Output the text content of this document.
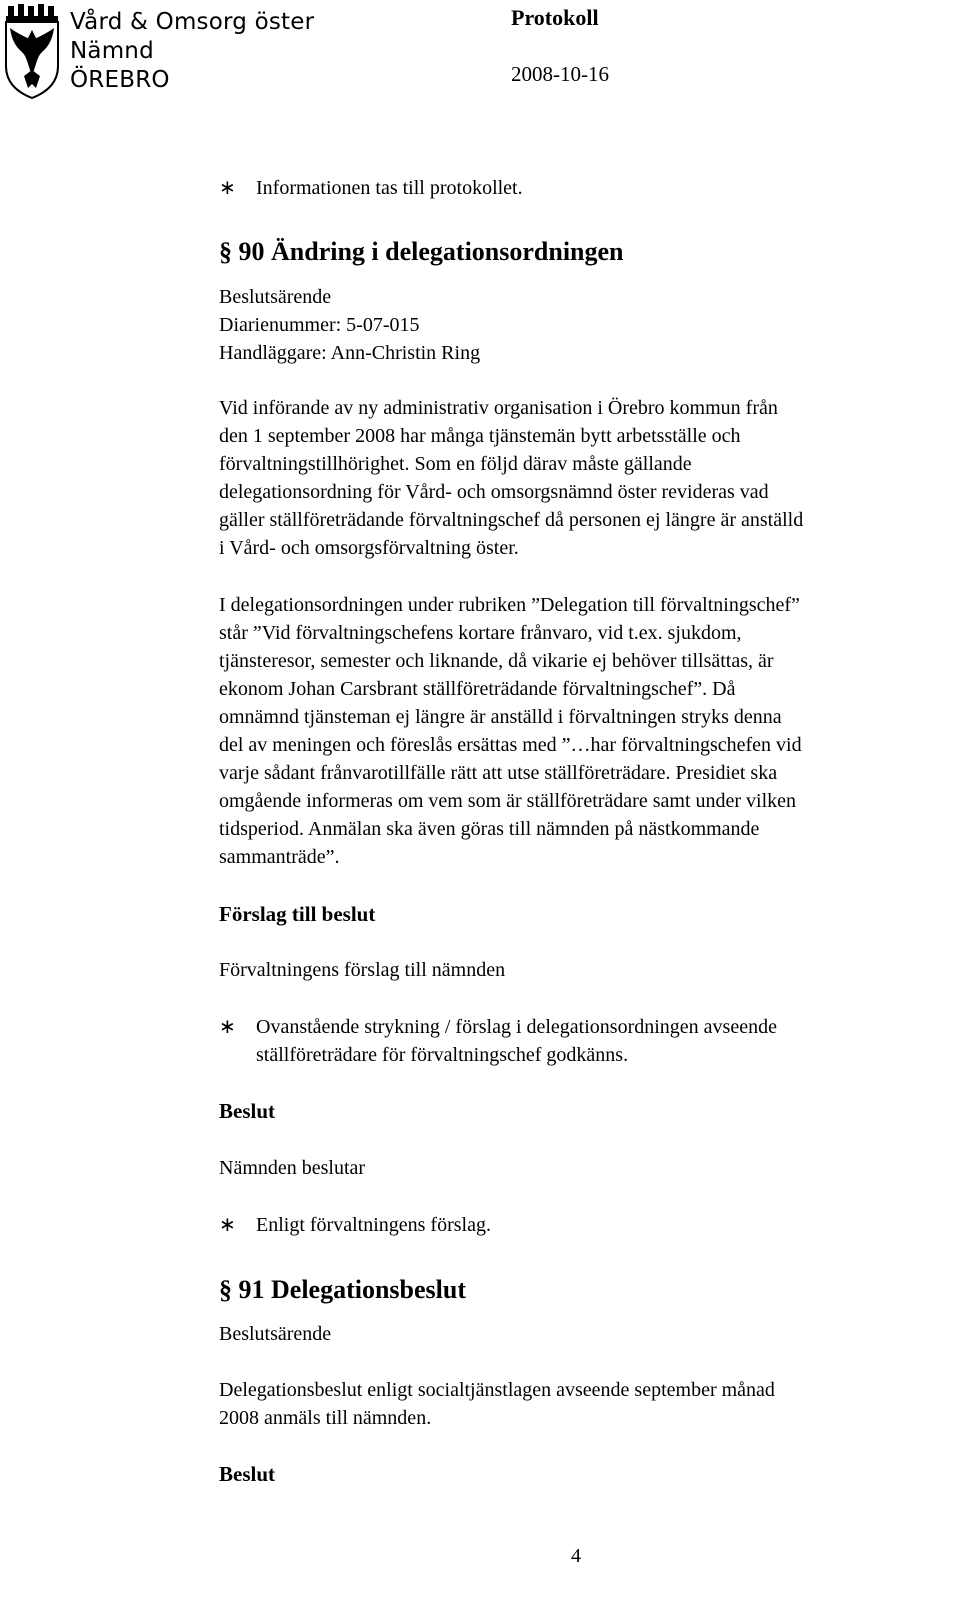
Vård & Omsorg öster
Nämnd
ÖREBRO
Protokoll
2008-10-16
∗ Informationen tas till protokollet.
§ 90 Ändring i delegationsordningen
Beslutsärende
Diarienummer: 5-07-015
Handläggare: Ann-Christin Ring
Vid införande av ny administrativ organisation i Örebro kommun från
den 1 september 2008 har många tjänstemän bytt arbetsställe och
förvaltningstillhörighet. Som en följd därav måste gällande
delegationsordning för Vård- och omsorgsnämnd öster revideras vad
gäller ställföreträdande förvaltningschef då personen ej längre är anställd
i Vård- och omsorgsförvaltning öster.
I delegationsordningen under rubriken ”Delegation till förvaltningschef”
står ”Vid förvaltningschefens kortare frånvaro, vid t.ex. sjukdom,
tjänsteresor, semester och liknande, då vikarie ej behöver tillsättas, är
ekonom Johan Carsbrant ställföreträdande förvaltningschef”. Då
omnämnd tjänsteman ej längre är anställd i förvaltningen stryks denna
del av meningen och föreslås ersättas med ”…har förvaltningschefen vid
varje sådant frånvarotillfälle rätt att utse ställföreträdare. Presidiet ska
omgående informeras om vem som är ställföreträdare samt under vilken
tidsperiod. Anmälan ska även göras till nämnden på nästkommande
sammanträde”.
Förslag till beslut
Förvaltningens förslag till nämnden
∗ Ovanstående strykning / förslag i delegationsordningen avseende
ställföreträdare för förvaltningschef godkänns.
Beslut
Nämnden beslutar
∗ Enligt förvaltningens förslag.
§ 91 Delegationsbeslut
Beslutsärende
Delegationsbeslut enligt socialtjänstlagen avseende september månad
2008 anmäls till nämnden.
Beslut
4
